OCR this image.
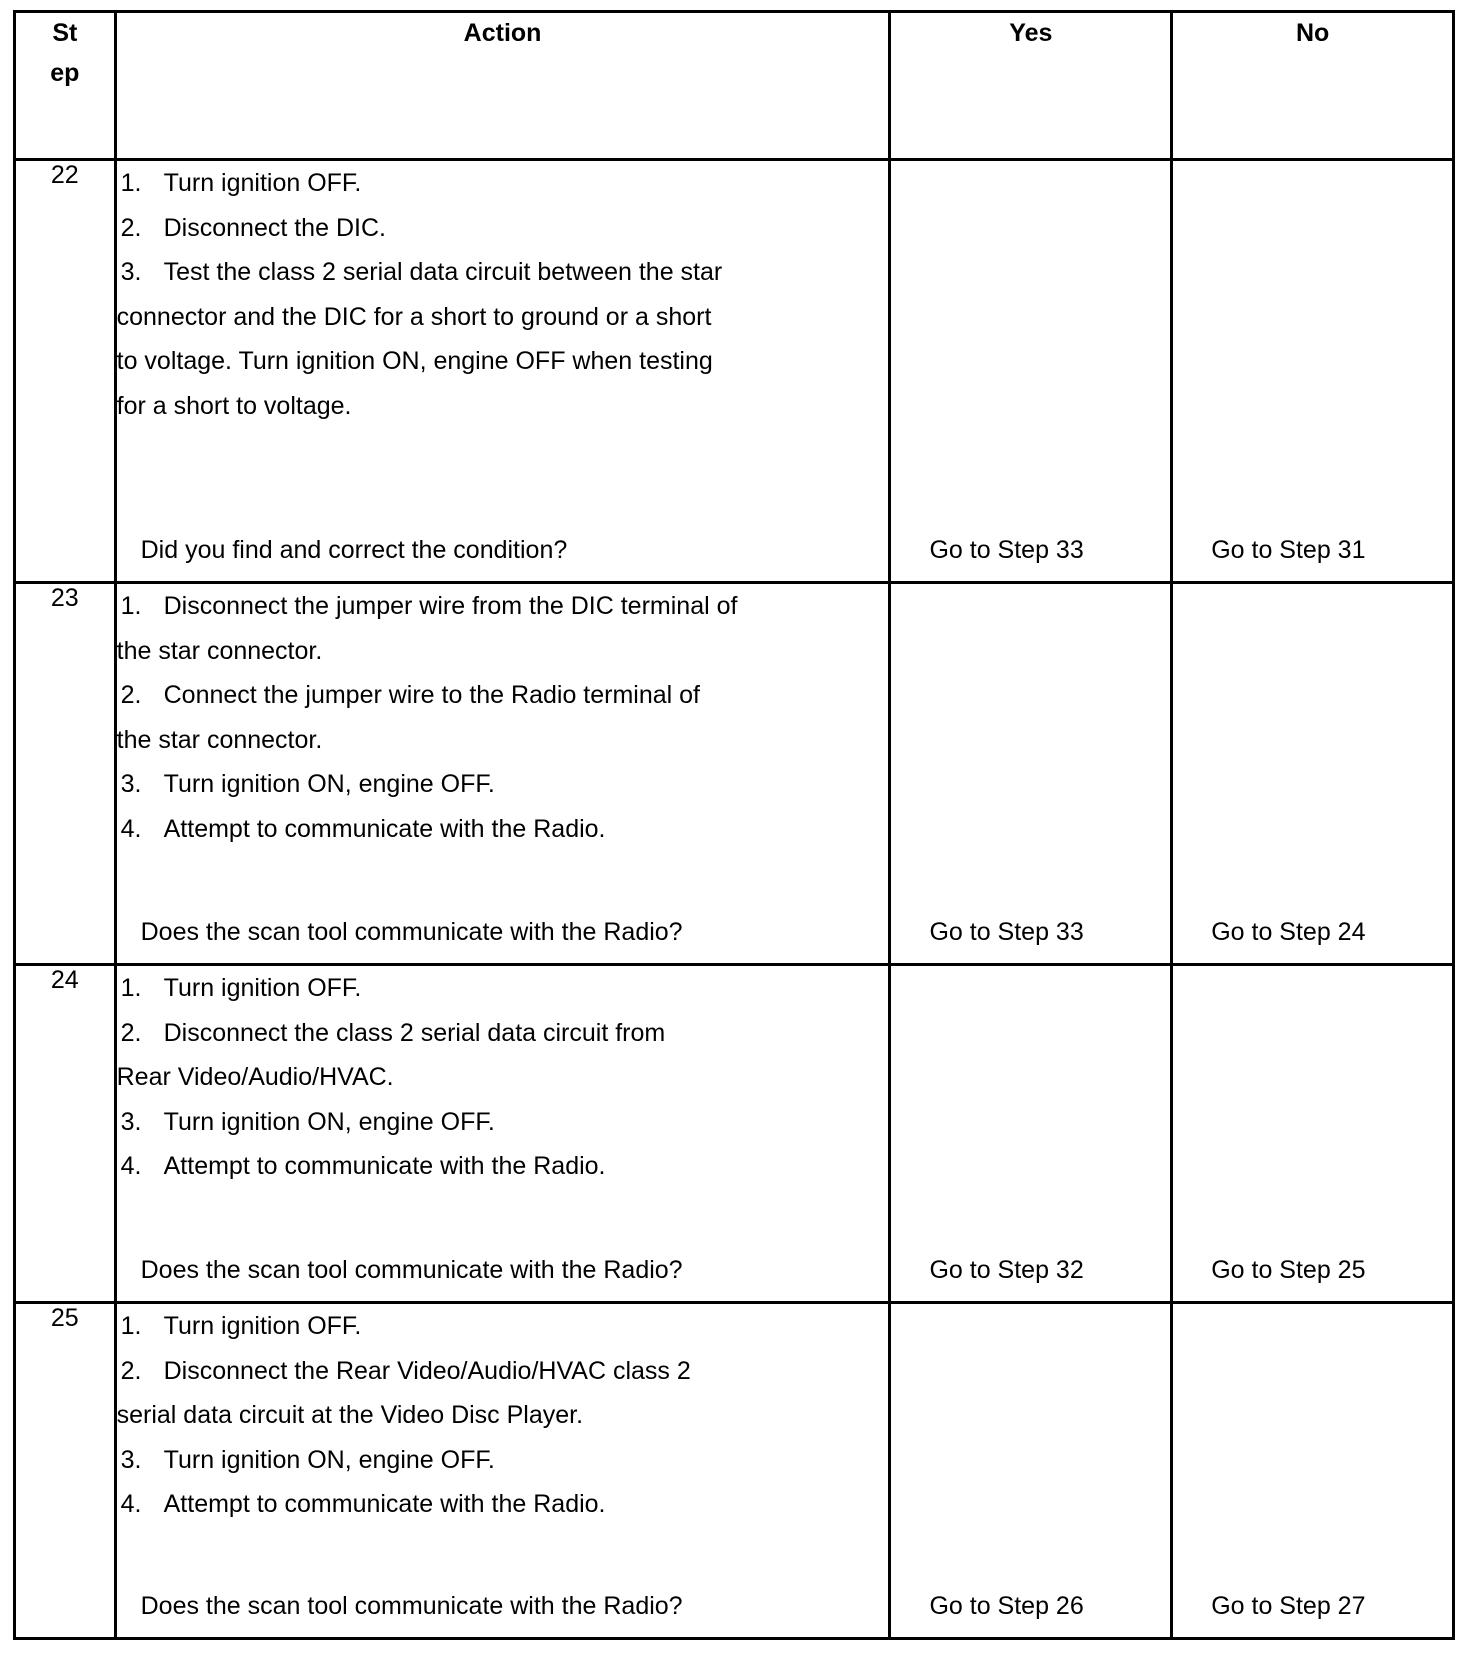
St
ep	Action	Yes	No
22	1. Turn ignition OFF.
2. Disconnect the DIC.
3. Test the class 2 serial data circuit between the star connector and the DIC for a short to ground or a short to voltage. Turn ignition ON, engine OFF when testing for a short to voltage.
Did you find and correct the condition?	Go to Step 33	Go to Step 31

23	1. Disconnect the jumper wire from the DIC terminal of the star connector.
2. Connect the jumper wire to the Radio terminal of the star connector.
3. Turn ignition ON, engine OFF.
4. Attempt to communicate with the Radio.
Does the scan tool communicate with the Radio?	Go to Step 33	Go to Step 24

24	1. Turn ignition OFF.
2. Disconnect the class 2 serial data circuit from Rear Video/Audio/HVAC.
3. Turn ignition ON, engine OFF.
4. Attempt to communicate with the Radio.
Does the scan tool communicate with the Radio?	Go to Step 32	Go to Step 25

25	1. Turn ignition OFF.
2. Disconnect the Rear Video/Audio/HVAC class 2 serial data circuit at the Video Disc Player.
3. Turn ignition ON, engine OFF.
4. Attempt to communicate with the Radio.
Does the scan tool communicate with the Radio?	Go to Step 26	Go to Step 27
